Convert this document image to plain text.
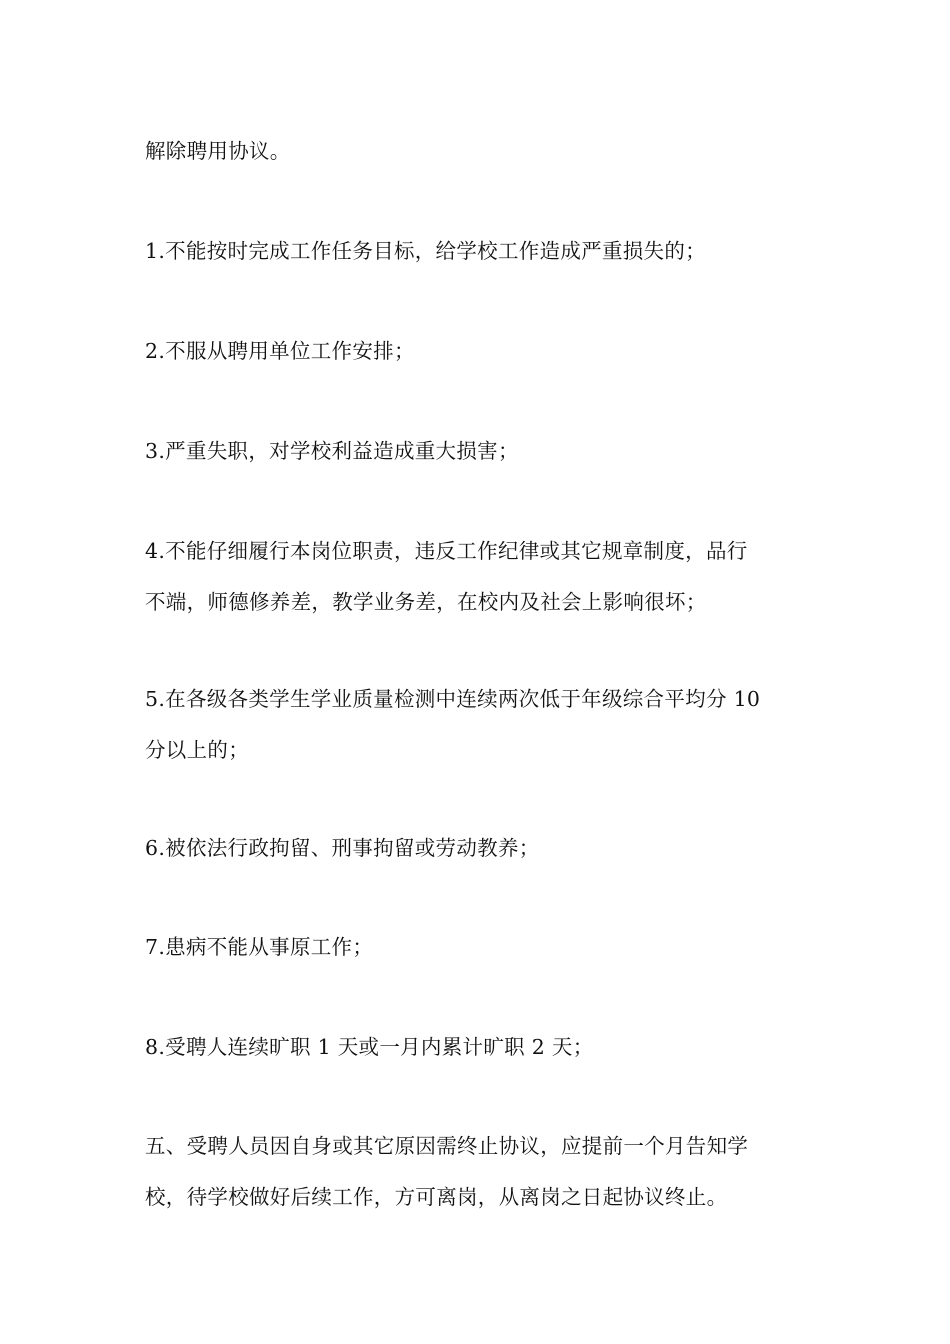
解除聘用协议。
1.不能按时完成工作任务目标，给学校工作造成严重损失的；
2.不服从聘用单位工作安排；
3.严重失职，对学校利益造成重大损害；
4.不能仔细履行本岗位职责，违反工作纪律或其它规章制度，品行
不端，师德修养差，教学业务差，在校内及社会上影响很坏；
5.在各级各类学生学业质量检测中连续两次低于年级综合平均分 10
分以上的；
6.被依法行政拘留、刑事拘留或劳动教养；
7.患病不能从事原工作；
8.受聘人连续旷职 1 天或一月内累计旷职 2 天；
五、受聘人员因自身或其它原因需终止协议，应提前一个月告知学
校，待学校做好后续工作，方可离岗，从离岗之日起协议终止。
